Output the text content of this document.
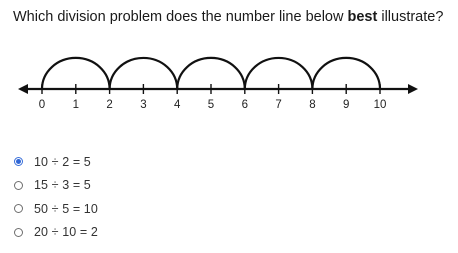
Which division problem does the number line below best illustrate?
0 1 2 3 4 5 6 7 8 9 10
10 ÷ 2 = 5
15 ÷ 3 = 5
50 ÷ 5 = 10
20 ÷ 10 = 2
